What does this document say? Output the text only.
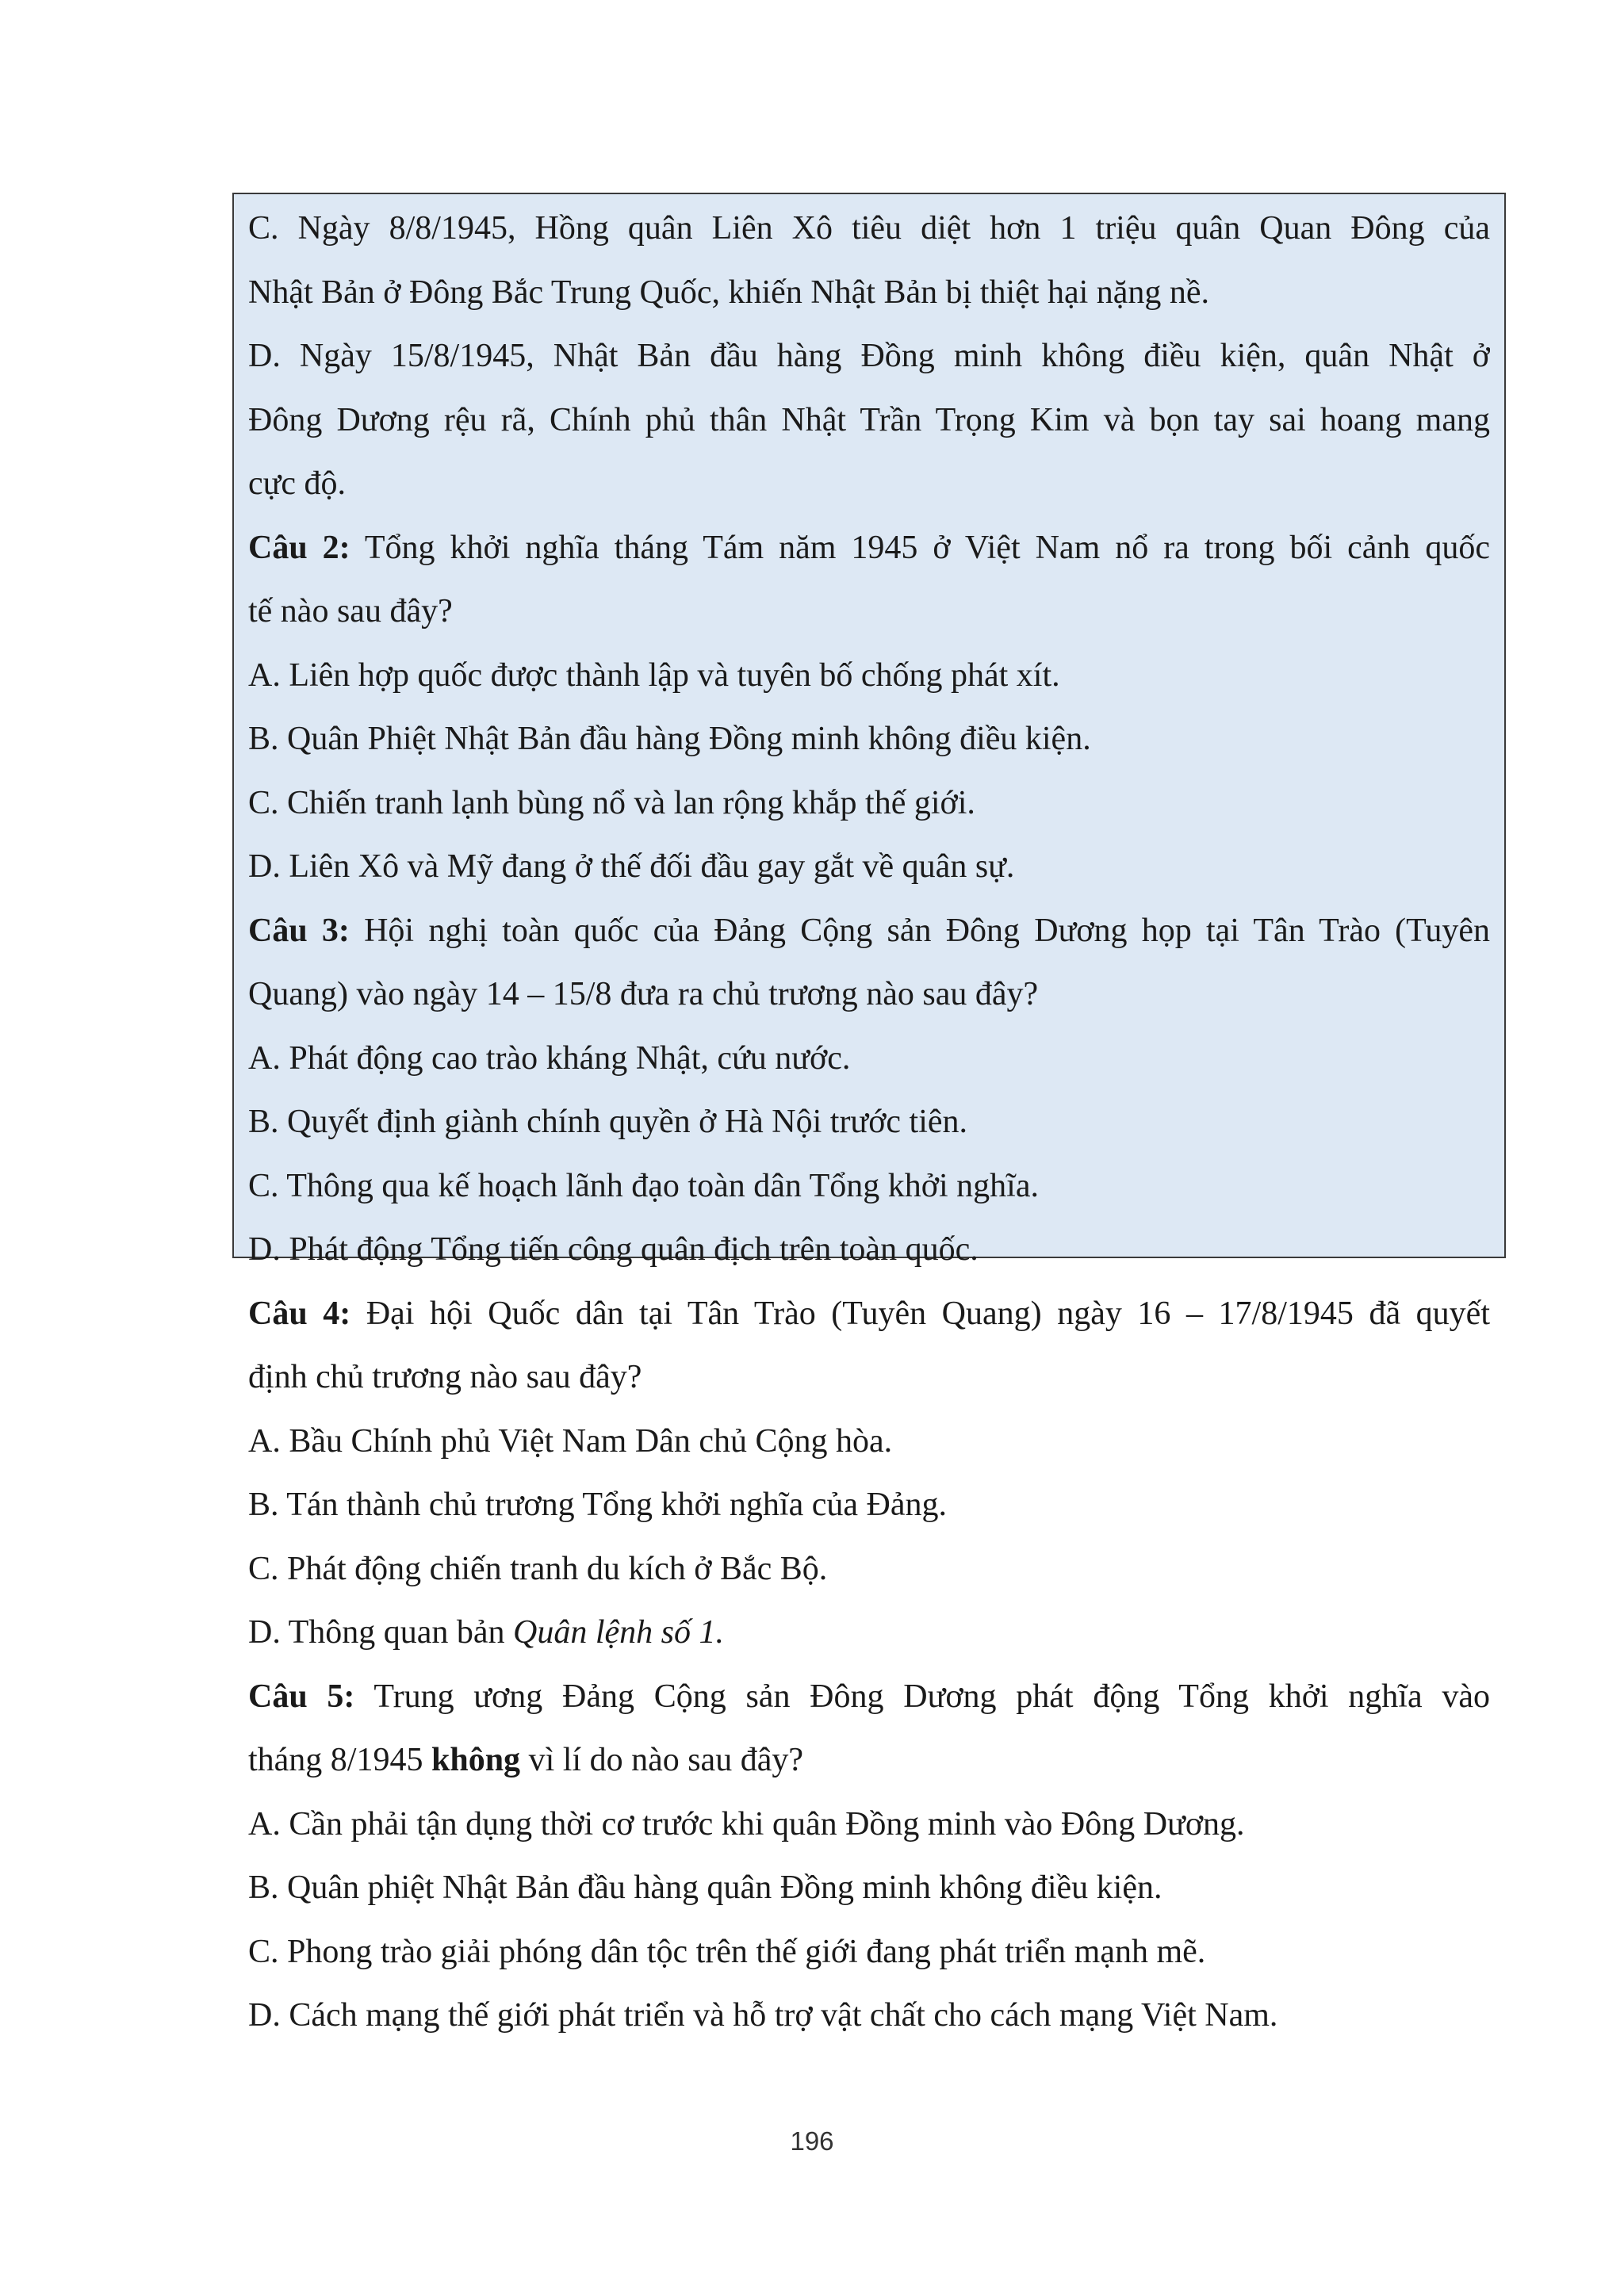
C. Ngày 8/8/1945, Hồng quân Liên Xô tiêu diệt hơn 1 triệu quân Quan Đông của
Nhật Bản ở Đông Bắc Trung Quốc, khiến Nhật Bản bị thiệt hại nặng nề.
D. Ngày 15/8/1945, Nhật Bản đầu hàng Đồng minh không điều kiện, quân Nhật ở
Đông Dương rệu rã, Chính phủ thân Nhật Trần Trọng Kim và bọn tay sai hoang mang
cực độ.
Câu 2: Tổng khởi nghĩa tháng Tám năm 1945 ở Việt Nam nổ ra trong bối cảnh quốc
tế nào sau đây?
A. Liên hợp quốc được thành lập và tuyên bố chống phát xít.
B. Quân Phiệt Nhật Bản đầu hàng Đồng minh không điều kiện.
C. Chiến tranh lạnh bùng nổ và lan rộng khắp thế giới.
D. Liên Xô và Mỹ đang ở thế đối đầu gay gắt về quân sự.
Câu 3: Hội nghị toàn quốc của Đảng Cộng sản Đông Dương họp tại Tân Trào (Tuyên
Quang) vào ngày 14 – 15/8 đưa ra chủ trương nào sau đây?
A. Phát động cao trào kháng Nhật, cứu nước.
B. Quyết định giành chính quyền ở Hà Nội trước tiên.
C. Thông qua kế hoạch lãnh đạo toàn dân Tổng khởi nghĩa.
D. Phát động Tổng tiến công quân địch trên toàn quốc.
Câu 4: Đại hội Quốc dân tại Tân Trào (Tuyên Quang) ngày 16 – 17/8/1945 đã quyết
định chủ trương nào sau đây?
A. Bầu Chính phủ Việt Nam Dân chủ Cộng hòa.
B. Tán thành chủ trương Tổng khởi nghĩa của Đảng.
C. Phát động chiến tranh du kích ở Bắc Bộ.
D. Thông quan bản Quân lệnh số 1.
Câu 5: Trung ương Đảng Cộng sản Đông Dương phát động Tổng khởi nghĩa vào
tháng 8/1945 không vì lí do nào sau đây?
A. Cần phải tận dụng thời cơ trước khi quân Đồng minh vào Đông Dương.
B. Quân phiệt Nhật Bản đầu hàng quân Đồng minh không điều kiện.
C. Phong trào giải phóng dân tộc trên thế giới đang phát triển mạnh mẽ.
D. Cách mạng thế giới phát triển và hỗ trợ vật chất cho cách mạng Việt Nam.
196
